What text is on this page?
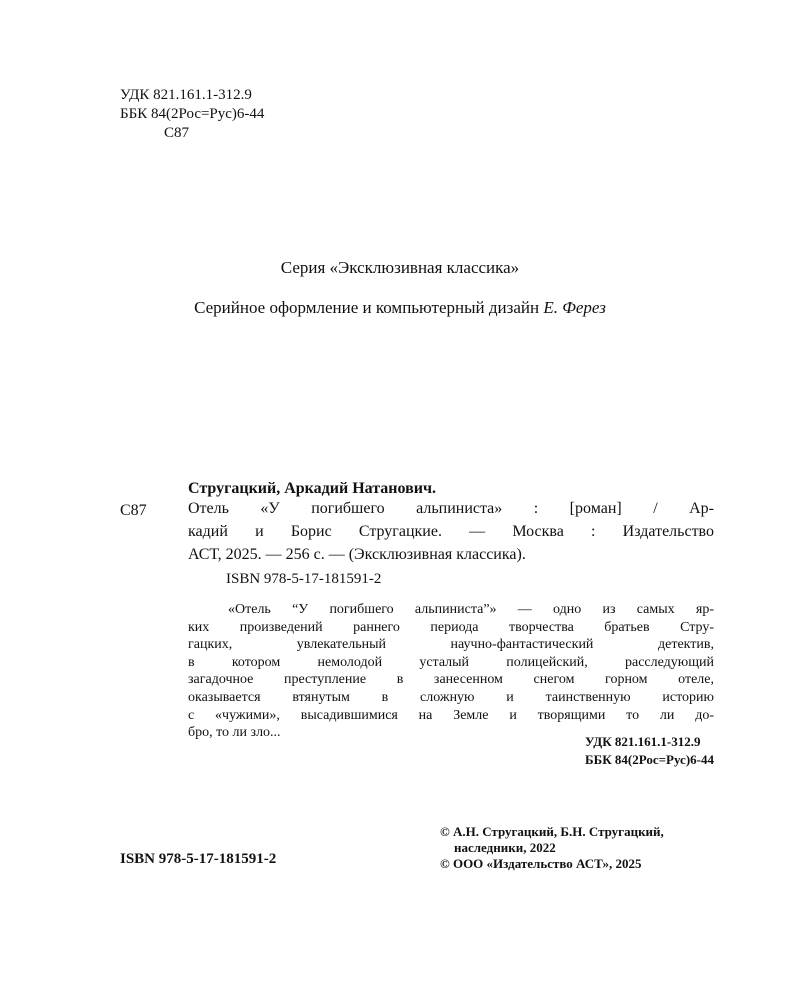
УДК 821.161.1-312.9
ББК 84(2Рос=Рус)6-44
С87
Серия «Эксклюзивная классика»
Серийное оформление и компьютерный дизайн Е. Ферез
Стругацкий, Аркадий Натанович.
С87	Отель «У погибшего альпиниста» : [роман] / Ар-
кадий и Борис Стругацкие. — Москва : Издательство
АСТ, 2025. — 256 с. — (Эксклюзивная классика).
ISBN 978-5-17-181591-2
«Отель “У погибшего альпиниста”» — одно из самых яр-
ких произведений раннего периода творчества братьев Стру-
гацких, увлекательный научно-фантастический детектив,
в котором немолодой усталый полицейский, расследующий
загадочное преступление в занесенном снегом горном отеле,
оказывается втянутым в сложную и таинственную историю
с «чужими», высадившимися на Земле и творящими то ли до-
бро, то ли зло...
УДК 821.161.1-312.9
ББК 84(2Рос=Рус)6-44
© А.Н. Стругацкий, Б.Н. Стругацкий,
наследники, 2022
© ООО «Издательство АСТ», 2025
ISBN 978-5-17-181591-2
